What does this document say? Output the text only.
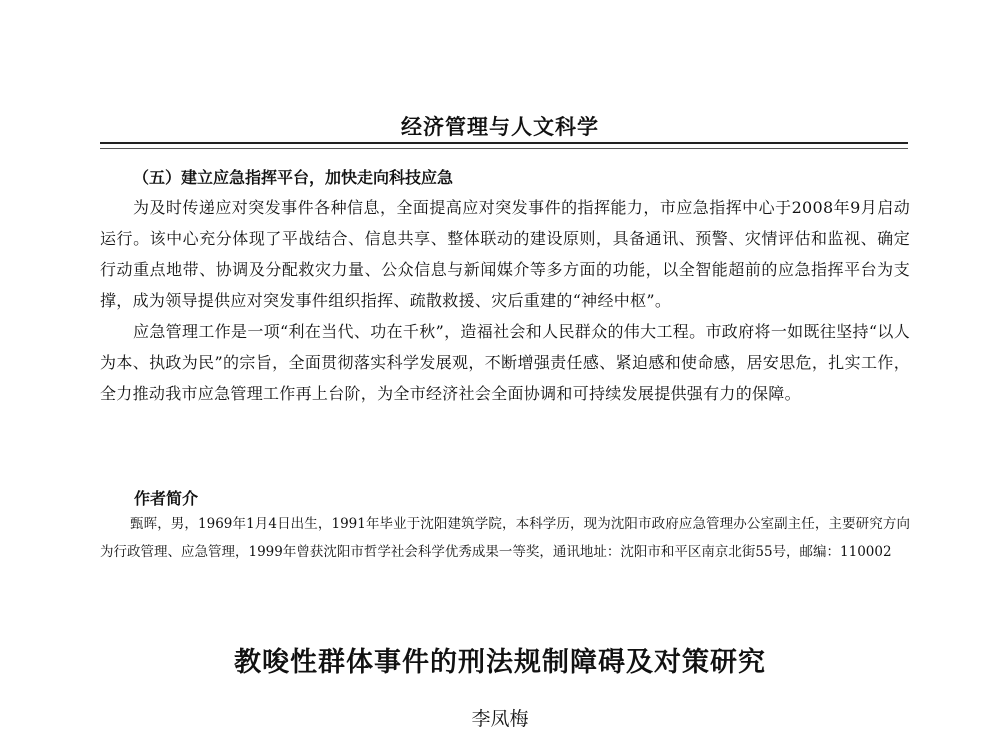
经济管理与人文科学
（五）建立应急指挥平台，加快走向科技应急

为及时传递应对突发事件各种信息，全面提高应对突发事件的指挥能力，市应急指挥中心于2008年9月启动运行。该中心充分体现了平战结合、信息共享、整体联动的建设原则，具备通讯、预警、灾情评估和监视、确定行动重点地带、协调及分配救灾力量、公众信息与新闻媒介等多方面的功能，以全智能超前的应急指挥平台为支撑，成为领导提供应对突发事件组织指挥、疏散救援、灾后重建的“神经中枢”。

应急管理工作是一项“利在当代、功在千秋”，造福社会和人民群众的伟大工程。市政府将一如既往坚持“以人为本、执政为民”的宗旨，全面贯彻落实科学发展观，不断增强责任感、紧迫感和使命感，居安思危，扎实工作，全力推动我市应急管理工作再上台阶，为全市经济社会全面协调和可持续发展提供强有力的保障。

作者简介

甄晖，男，1969年1月4日出生，1991年毕业于沈阳建筑学院，本科学历，现为沈阳市政府应急管理办公室副主任，主要研究方向为行政管理、应急管理，1999年曾获沈阳市哲学社会科学优秀成果一等奖，通讯地址：沈阳市和平区南京北街55号，邮编：110002

教唆性群体事件的刑法规制障碍及对策研究
李凤梅
